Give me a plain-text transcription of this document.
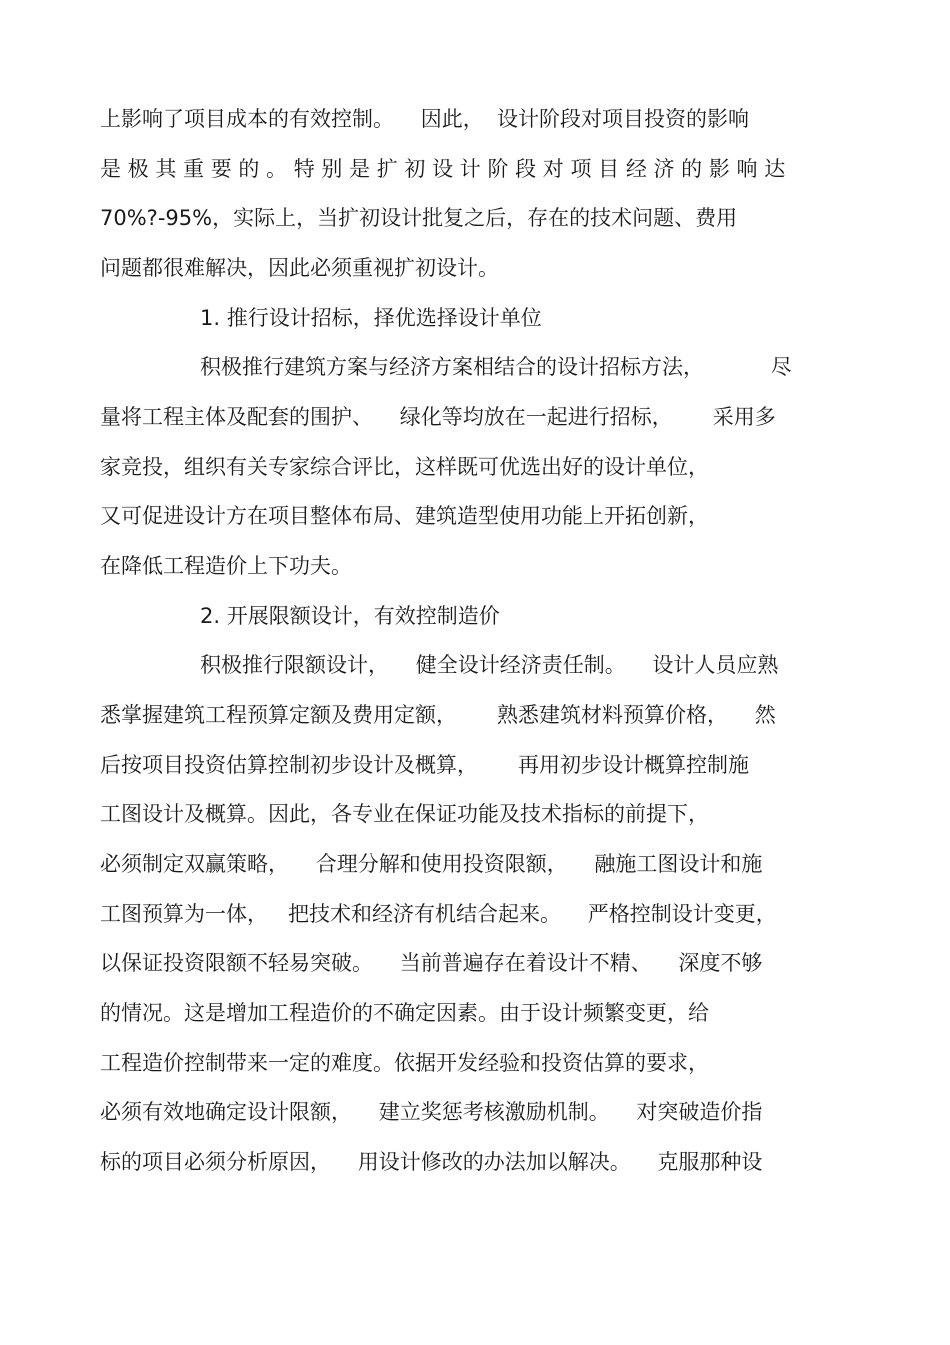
上影响了项目成本的有效控制。    因此，  设计阶段对项目投资的影响
是 极 其 重 要 的 。 特 别 是 扩 初 设 计 阶 段 对 项 目 经 济 的 影 响 达
70%?-95%，实际上，当扩初设计批复之后，存在的技术问题、费用
问题都很难解决，因此必须重视扩初设计。
1. 推行设计招标，择优选择设计单位
积极推行建筑方案与经济方案相结合的设计招标方法，          尽
量将工程主体及配套的围护、    绿化等均放在一起进行招标，      采用多
家竞投，组织有关专家综合评比，这样既可优选出好的设计单位，
又可促进设计方在项目整体布局、建筑造型使用功能上开拓创新，
在降低工程造价上下功夫。
2. 开展限额设计，有效控制造价
积极推行限额设计，    健全设计经济责任制。    设计人员应熟
悉掌握建筑工程预算定额及费用定额，      熟悉建筑材料预算价格，    然
后按项目投资估算控制初步设计及概算，      再用初步设计概算控制施
工图设计及概算。因此，各专业在保证功能及技术指标的前提下，
必须制定双赢策略，    合理分解和使用投资限额，    融施工图设计和施
工图预算为一体，   把技术和经济有机结合起来。    严格控制设计变更，
以保证投资限额不轻易突破。    当前普遍存在着设计不精、    深度不够
的情况。这是增加工程造价的不确定因素。由于设计频繁变更，给
工程造价控制带来一定的难度。依据开发经验和投资估算的要求，
必须有效地确定设计限额，    建立奖惩考核激励机制。    对突破造价指
标的项目必须分析原因，    用设计修改的办法加以解决。    克服那种设
